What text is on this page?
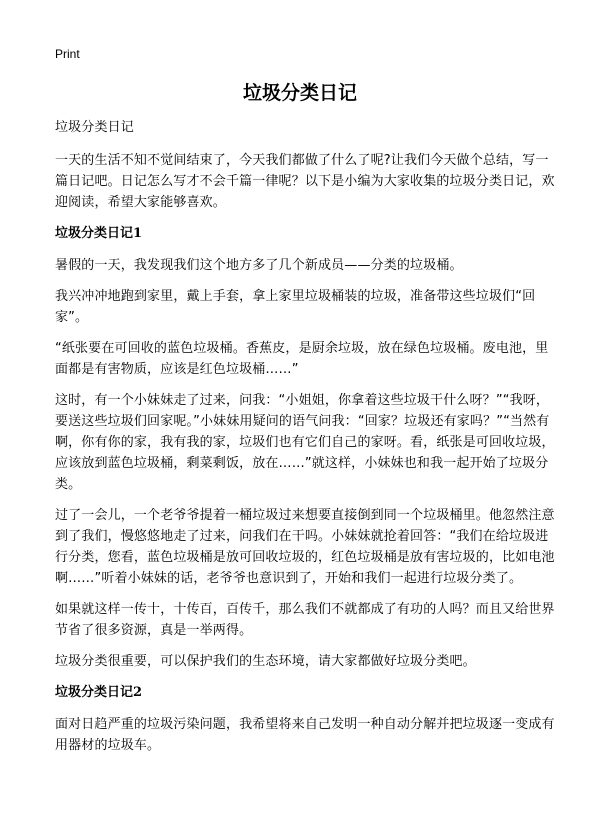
Print
垃圾分类日记

垃圾分类日记

一天的生活不知不觉间结束了，今天我们都做了什么了呢?让我们今天做个总结，写一篇日记吧。日记怎么写才不会千篇一律呢？以下是小编为大家收集的垃圾分类日记，欢迎阅读，希望大家能够喜欢。

垃圾分类日记1

暑假的一天，我发现我们这个地方多了几个新成员——分类的垃圾桶。

我兴冲冲地跑到家里，戴上手套，拿上家里垃圾桶装的垃圾，准备带这些垃圾们“回家”。

“纸张要在可回收的蓝色垃圾桶。香蕉皮，是厨余垃圾，放在绿色垃圾桶。废电池，里面都是有害物质，应该是红色垃圾桶……”

这时，有一个小妹妹走了过来，问我：“小姐姐，你拿着这些垃圾干什么呀？”“我呀，要送这些垃圾们回家呢。”小妹妹用疑问的语气问我：“回家？垃圾还有家吗？”“当然有啊，你有你的家，我有我的家，垃圾们也有它们自己的家呀。看，纸张是可回收垃圾，应该放到蓝色垃圾桶，剩菜剩饭，放在……”就这样，小妹妹也和我一起开始了垃圾分类。

过了一会儿，一个老爷爷提着一桶垃圾过来想要直接倒到同一个垃圾桶里。他忽然注意到了我们，慢悠悠地走了过来，问我们在干吗。小妹妹就抢着回答：“我们在给垃圾进行分类，您看，蓝色垃圾桶是放可回收垃圾的，红色垃圾桶是放有害垃圾的，比如电池啊……”听着小妹妹的话，老爷爷也意识到了，开始和我们一起进行垃圾分类了。

如果就这样一传十，十传百，百传千，那么我们不就都成了有功的人吗？而且又给世界节省了很多资源，真是一举两得。

垃圾分类很重要，可以保护我们的生态环境，请大家都做好垃圾分类吧。

垃圾分类日记2

面对日趋严重的垃圾污染问题，我希望将来自己发明一种自动分解并把垃圾逐一变成有用器材的垃圾车。
